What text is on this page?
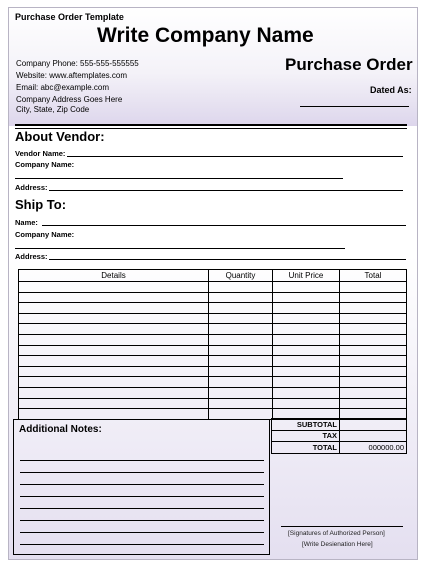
Purchase Order Template
Write Company Name
Company Phone: 555-555-555555
Website: www.aftemplates.com
Email: abc@example.com
Company Address Goes Here
Purchase Order
Dated As:
About Vendor:
Vendor Name:
Company Name:
Address:
Ship To:
Name:
Company Name:
Address:
Details	Quantity	Unit Price	Total

SUBTOTAL	
TAX	
TOTAL	000000.00
Additional Notes:
[Signatures of Authorized Person]
[Write Desienation Here]
